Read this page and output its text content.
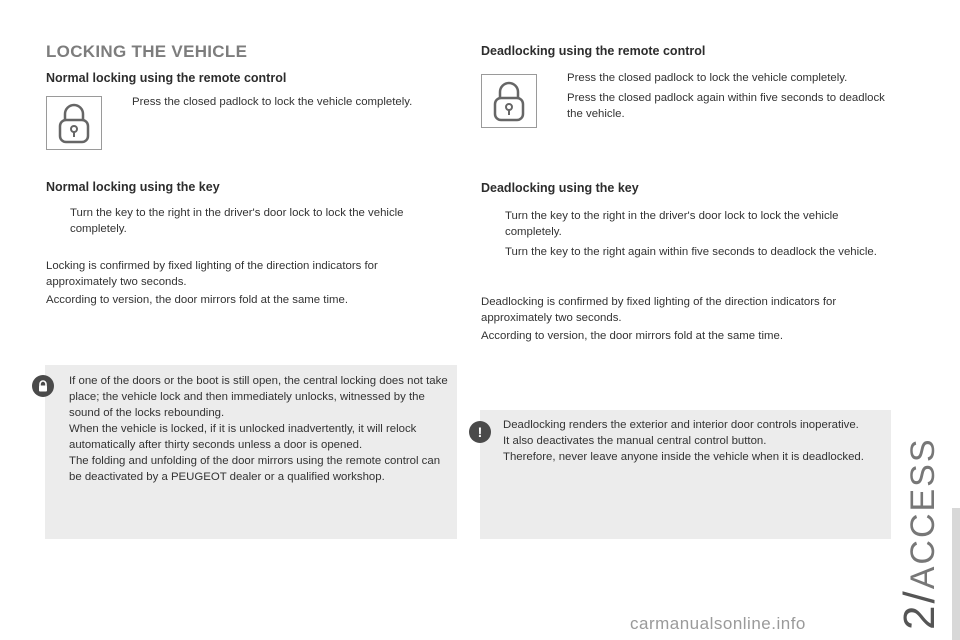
LOCKING THE VEHICLE
Normal locking using the remote control
Press the closed padlock to lock the vehicle completely.
Normal locking using the key
Turn the key to the right in the driver's door lock to lock the vehicle completely.
Locking is confirmed by fixed lighting of the direction indicators for approximately two seconds.
According to version, the door mirrors fold at the same time.
If one of the doors or the boot is still open, the central locking does not take place; the vehicle lock and then immediately unlocks, witnessed by the sound of the locks rebounding.
When the vehicle is locked, if it is unlocked inadvertently, it will relock automatically after thirty seconds unless a door is opened.
The folding and unfolding of the door mirrors using the remote control can be deactivated by a PEUGEOT dealer or a qualified workshop.
Deadlocking using the remote control
Press the closed padlock to lock the vehicle completely.
Press the closed padlock again within five seconds to deadlock the vehicle.
Deadlocking using the key
Turn the key to the right in the driver's door lock to lock the vehicle completely.
Turn the key to the right again within five seconds to deadlock the vehicle.
Deadlocking is confirmed by fixed lighting of the direction indicators for approximately two seconds.
According to version, the door mirrors fold at the same time.
!	Deadlocking renders the exterior and interior door controls inoperative.
It also deactivates the manual central control button.
Therefore, never leave anyone inside the vehicle when it is deadlocked.
2/ACCESS
carmanualsonline.info
